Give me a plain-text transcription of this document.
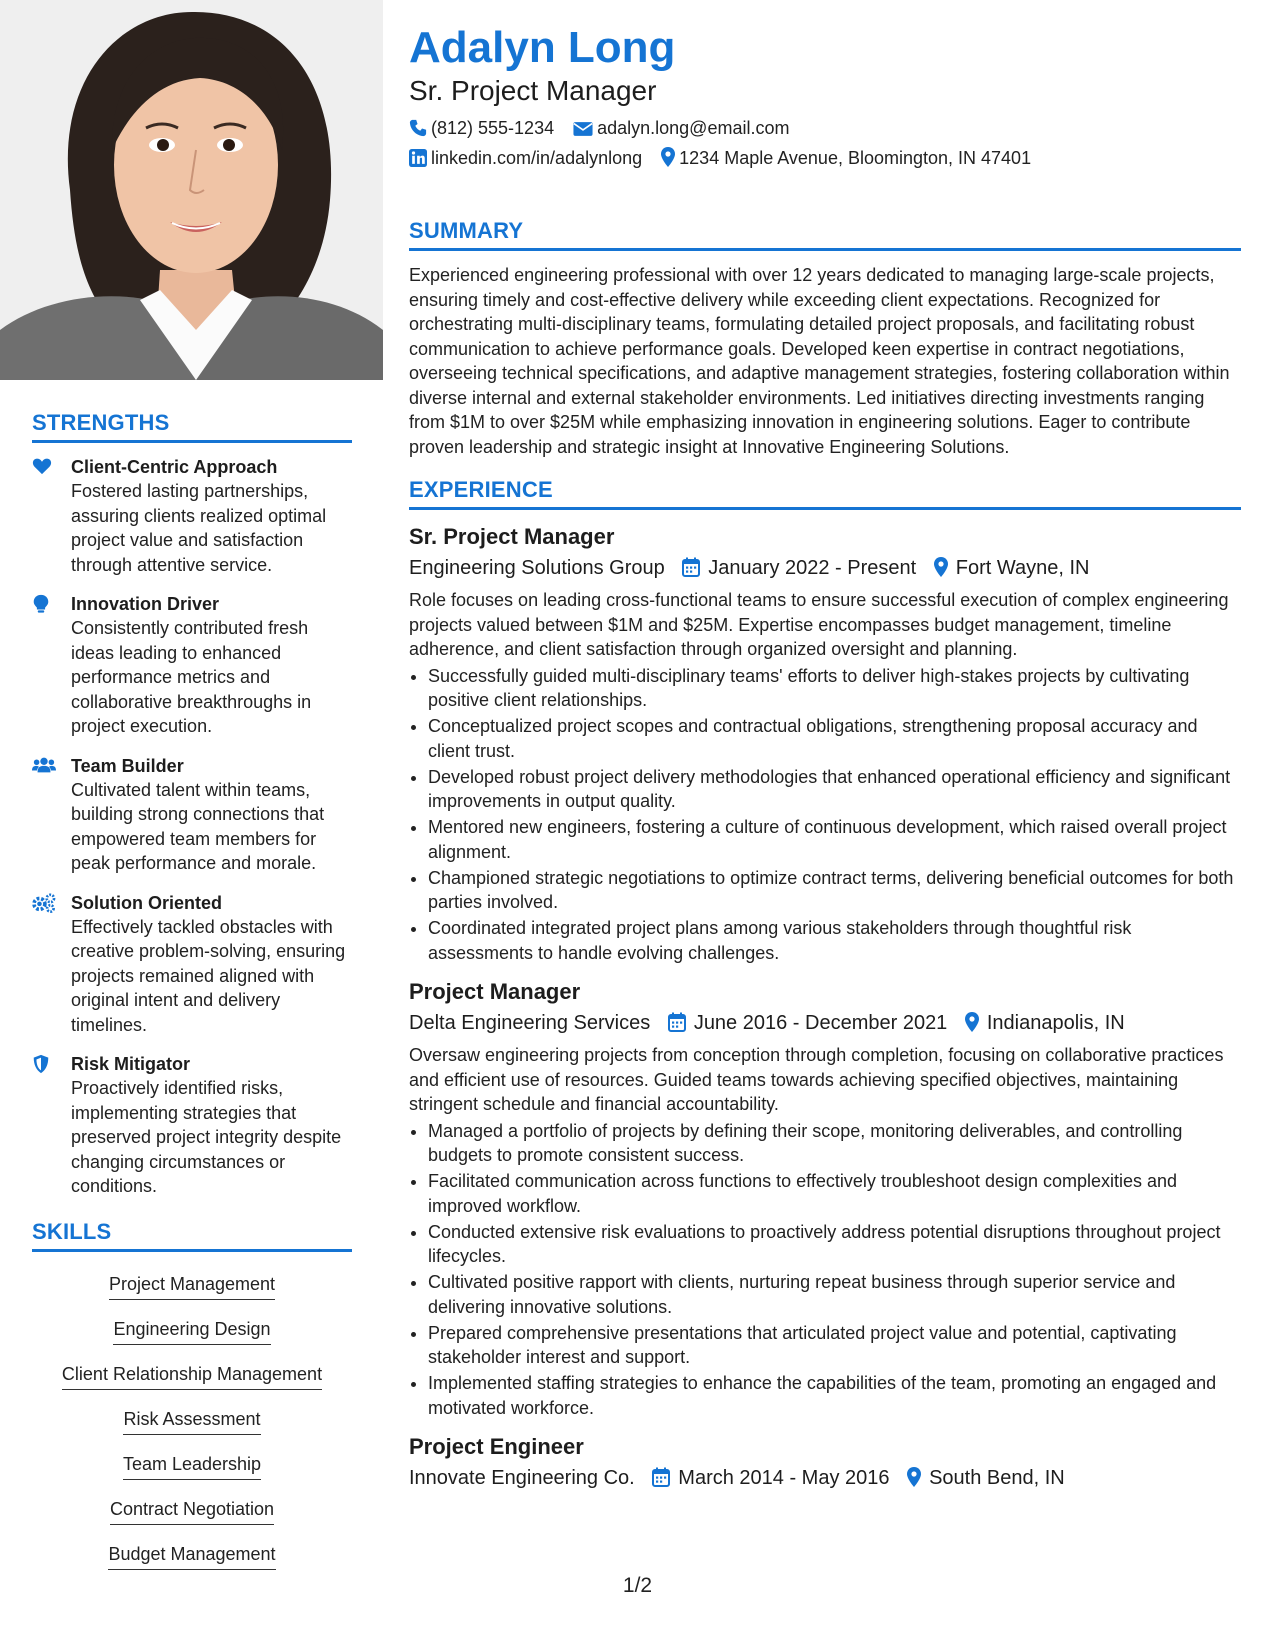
STRENGTHS
Client-Centric Approach
Fostered lasting partnerships, assuring clients realized optimal project value and satisfaction through attentive service.
Innovation Driver
Consistently contributed fresh ideas leading to enhanced performance metrics and collaborative breakthroughs in project execution.
Team Builder
Cultivated talent within teams, building strong connections that empowered team members for peak performance and morale.
Solution Oriented
Effectively tackled obstacles with creative problem-solving, ensuring projects remained aligned with original intent and delivery timelines.
Risk Mitigator
Proactively identified risks, implementing strategies that preserved project integrity despite changing circumstances or conditions.
SKILLS
Project Management
Engineering Design
Client Relationship Management
Risk Assessment
Team Leadership
Contract Negotiation
Budget Management
Adalyn Long
Sr. Project Manager
(812) 555-1234 adalyn.long@email.com
linkedin.com/in/adalynlong 1234 Maple Avenue, Bloomington, IN 47401
SUMMARY

Experienced engineering professional with over 12 years dedicated to managing large-scale projects, ensuring timely and cost-effective delivery while exceeding client expectations. Recognized for orchestrating multi-disciplinary teams, formulating detailed project proposals, and facilitating robust communication to achieve performance goals. Developed keen expertise in contract negotiations, overseeing technical specifications, and adaptive management strategies, fostering collaboration within diverse internal and external stakeholder environments. Led initiatives directing investments ranging from $1M to over $25M while emphasizing innovation in engineering solutions. Eager to contribute proven leadership and strategic insight at Innovative Engineering Solutions.

EXPERIENCE
Sr. Project Manager
Engineering Solutions Group January 2022 - Present Fort Wayne, IN

Role focuses on leading cross-functional teams to ensure successful execution of complex engineering projects valued between $1M and $25M. Expertise encompasses budget management, timeline adherence, and client satisfaction through organized oversight and planning.

• Successfully guided multi-disciplinary teams' efforts to deliver high-stakes projects by cultivating positive client relationships.
• Conceptualized project scopes and contractual obligations, strengthening proposal accuracy and client trust.
• Developed robust project delivery methodologies that enhanced operational efficiency and significant improvements in output quality.
• Mentored new engineers, fostering a culture of continuous development, which raised overall project alignment.
• Championed strategic negotiations to optimize contract terms, delivering beneficial outcomes for both parties involved.
• Coordinated integrated project plans among various stakeholders through thoughtful risk assessments to handle evolving challenges.
Project Manager
Delta Engineering Services June 2016 - December 2021 Indianapolis, IN

Oversaw engineering projects from conception through completion, focusing on collaborative practices and efficient use of resources. Guided teams towards achieving specified objectives, maintaining stringent schedule and financial accountability.

• Managed a portfolio of projects by defining their scope, monitoring deliverables, and controlling budgets to promote consistent success.
• Facilitated communication across functions to effectively troubleshoot design complexities and improved workflow.
• Conducted extensive risk evaluations to proactively address potential disruptions throughout project lifecycles.
• Cultivated positive rapport with clients, nurturing repeat business through superior service and delivering innovative solutions.
• Prepared comprehensive presentations that articulated project value and potential, captivating stakeholder interest and support.
• Implemented staffing strategies to enhance the capabilities of the team, promoting an engaged and motivated workforce.
Project Engineer
Innovate Engineering Co. March 2014 - May 2016 South Bend, IN
1/2
